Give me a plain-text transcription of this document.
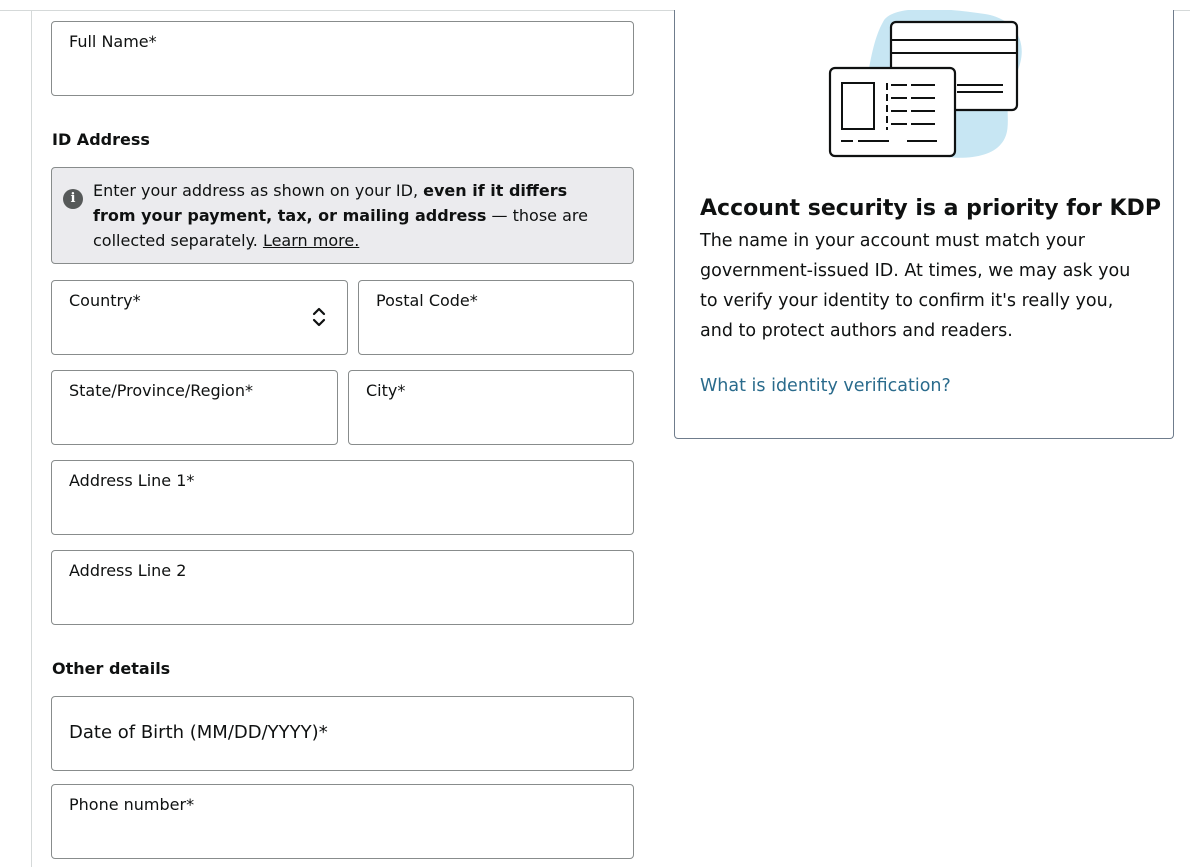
Full Name*
ID Address
i	Enter your address as shown on your ID, even if it differs from your payment, tax, or mailing address — those are collected separately. Learn more.
Country*	Postal Code*
State/Province/Region*	City*
Address Line 1*
Address Line 2
Other details
Date of Birth (MM/DD/YYYY)*
Phone number*
Account security is a priority for KDP
The name in your account must match your government-issued ID. At times, we may ask you to verify your identity to confirm it's really you, and to protect authors and readers.
What is identity verification?
